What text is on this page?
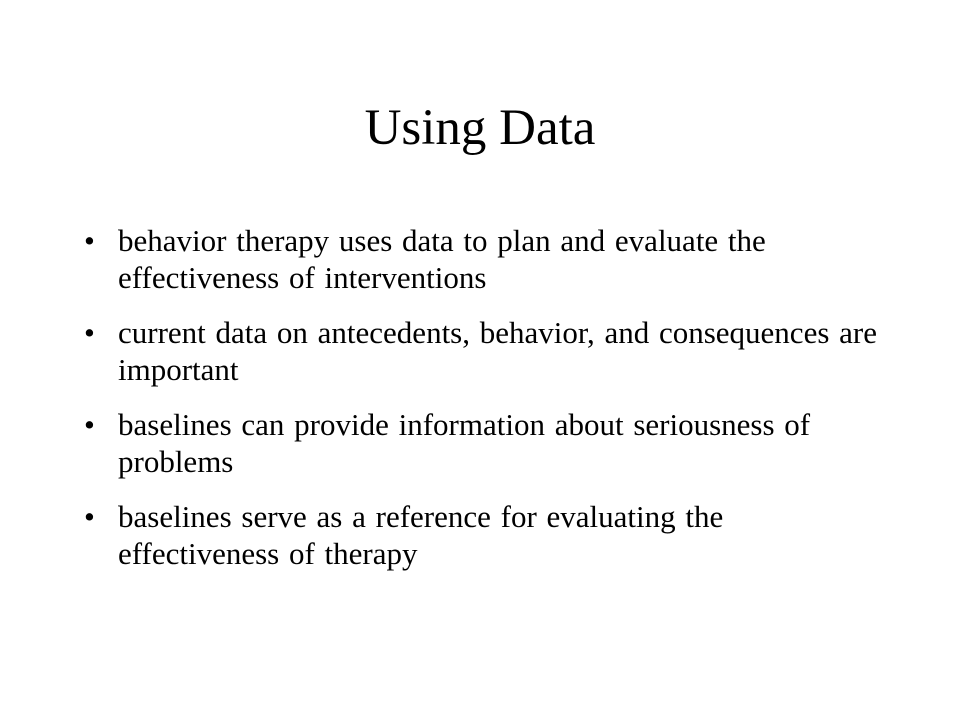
Using Data
• behavior therapy uses data to plan and evaluate the effectiveness of interventions
• current data on antecedents, behavior, and consequences are important
• baselines can provide information about seriousness of problems
• baselines serve as a reference for evaluating the effectiveness of therapy
